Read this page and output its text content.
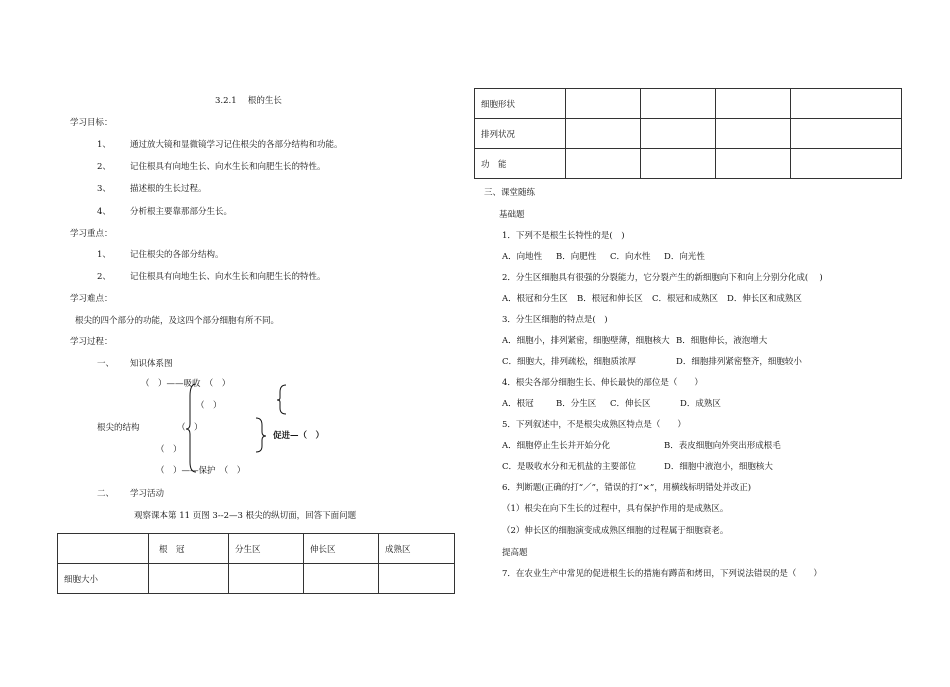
3.2.1　 根的生长
学习目标：
1、 通过放大镜和显微镜学习记住根尖的各部分结构和功能。
2、 记住根具有向地生长、向水生长和向肥生长的特性。
3、 描述根的生长过程。
4、 分析根主要靠那部分生长。
学习重点：
1、 记住根尖的各部分结构。
2、 记住根具有向地生长、向水生长和向肥生长的特性。
学习难点：
根尖的四个部分的功能，及这四个部分细胞有所不同。
学习过程：
一、 知识体系图
（　）——吸收　（　）
（　）
根尖的结构	（　）
（　）
（　）——保护　（　）
促进—（　）
二、 学习活动
观察课本第 11 页图 3--2—3 根尖的纵切面，回答下面问题
	根　冠	分生区	伸长区	成熟区
细胞大小				
细胞形状				
排列状况				
功　能				
三、课堂随练
基础题
1．下列不是根生长特性的是(　)
A．向地性 B．向肥性 C．向水性 D．向光性
2．分生区细胞具有很强的分裂能力，它分裂产生的新细胞向下和向上分别分化成(　 )
A．根冠和分生区 B．根冠和伸长区 C．根冠和成熟区 D．伸长区和成熟区
3．分生区细胞的特点是(　)
A．细胞小，排列紧密，细胞壁薄，细胞核大 B．细胞伸长，液泡增大
C．细胞大，排列疏松，细胞质浓厚	D．细胞排列紧密整齐，细胞较小
4．根尖各部分细胞生长、伸长最快的部位是（　　）
A．根冠	B．分生区 C．伸长区	D．成熟区
5．下列叙述中，不是根尖成熟区特点是（　　）
A．细胞停止生长并开始分化	B．表皮细胞向外突出形成根毛
C．是吸收水分和无机盐的主要部位	D．细胞中液泡小，细胞核大
6．判断题(正确的打“／”，错误的打“×”，用横线标明错处并改正)
（1）根尖在向下生长的过程中，具有保护作用的是成熟区。
（2）伸长区的细胞演变成成熟区细胞的过程属于细胞衰老。
提高题
7．在农业生产中常见的促进根生长的措施有蹲苗和烤田，下列说法错误的是（　　）
